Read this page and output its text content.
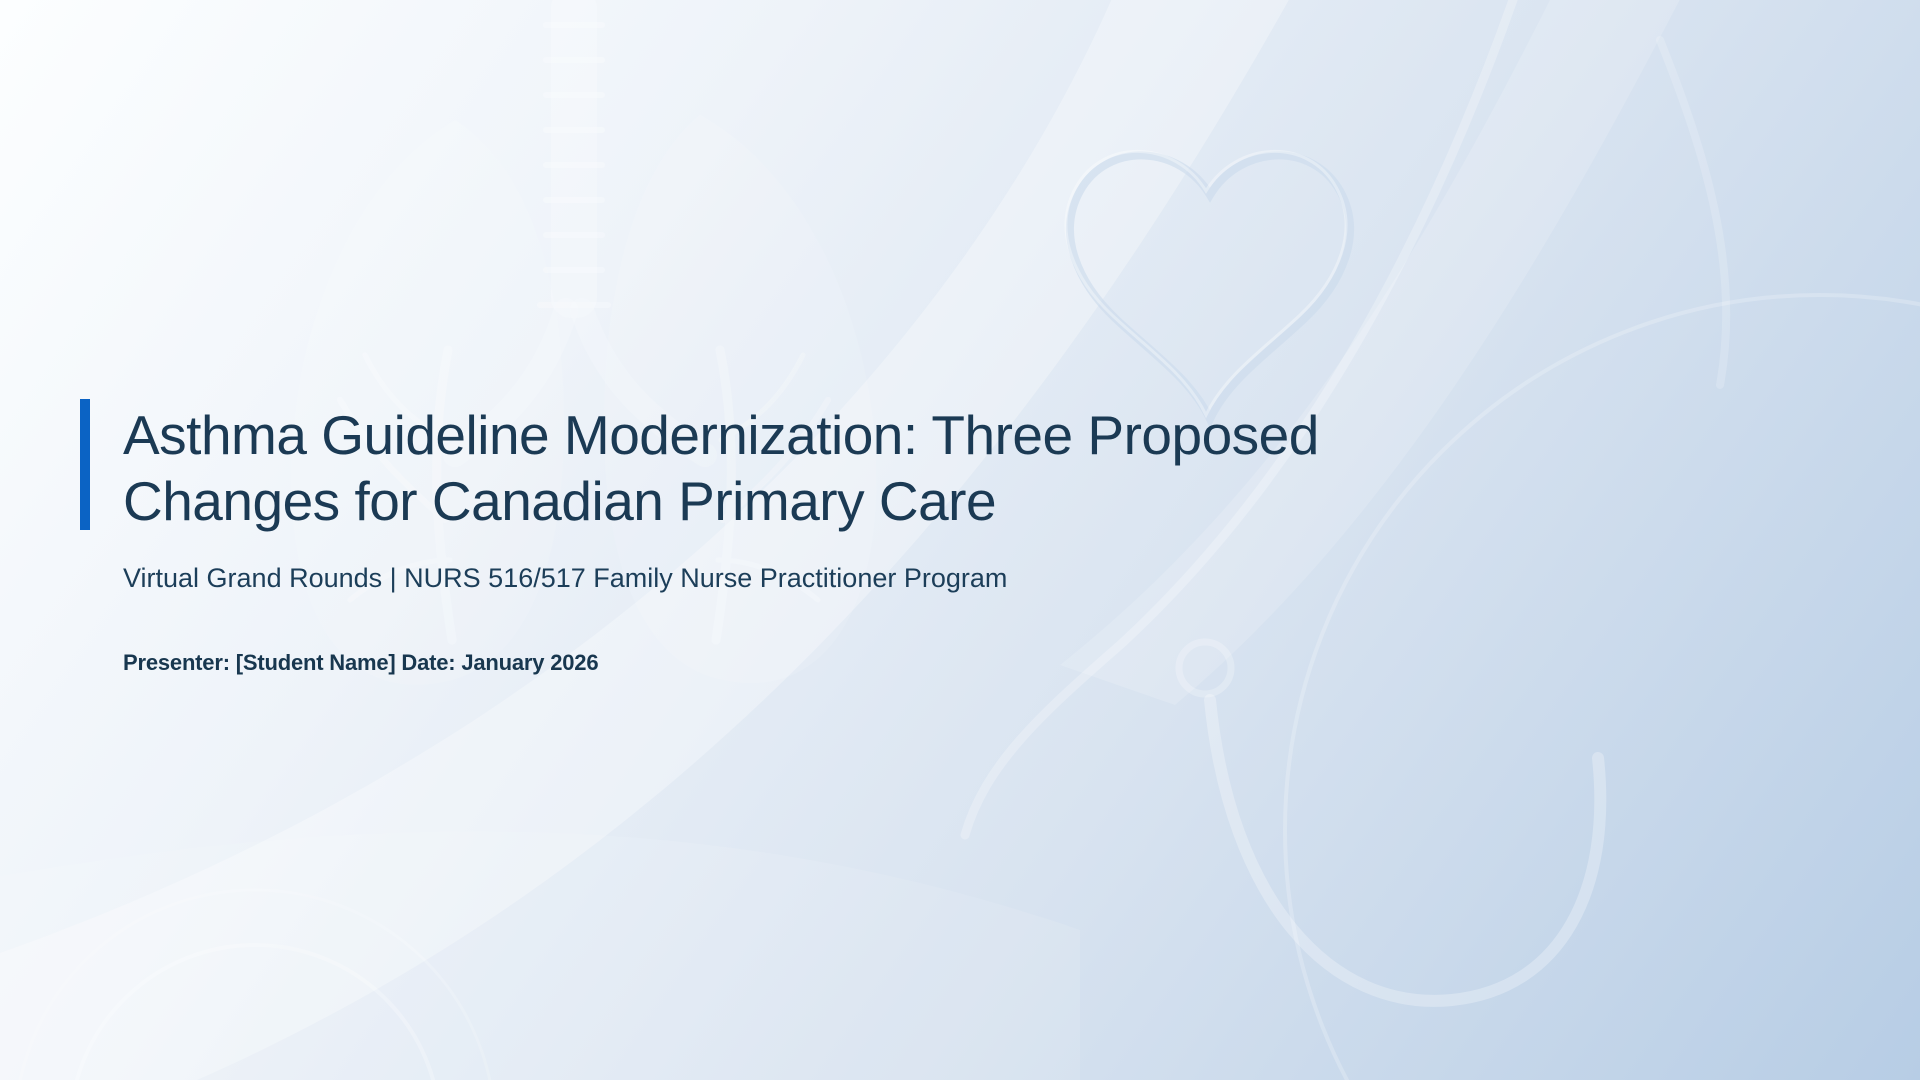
Asthma Guideline Modernization: Three Proposed
Changes for Canadian Primary Care
Virtual Grand Rounds | NURS 516/517 Family Nurse Practitioner Program
Presenter: [Student Name] Date: January 2026
